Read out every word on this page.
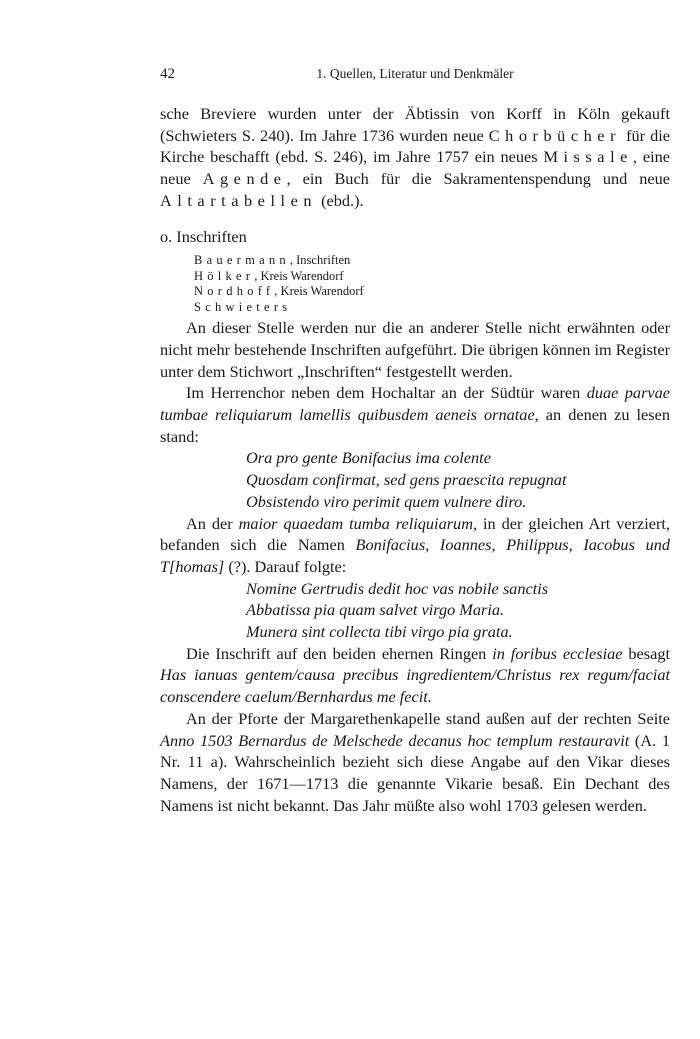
42	1. Quellen, Literatur und Denkmäler

sche Breviere wurden unter der Äbtissin von Korff in Köln gekauft (Schwieters S. 240). Im Jahre 1736 wurden neue Chorbücher für die Kirche beschafft (ebd. S. 246), im Jahre 1757 ein neues Missale, eine neue Agende, ein Buch für die Sakramentenspendung und neue Altartabellen (ebd.).

o. Inschriften

Bauermann, Inschriften
Hölker, Kreis Warendorf
Nordhoff, Kreis Warendorf
Schwieters

An dieser Stelle werden nur die an anderer Stelle nicht erwähnten oder nicht mehr bestehende Inschriften aufgeführt. Die übrigen können im Register unter dem Stichwort „Inschriften“ festgestellt werden.

Im Herrenchor neben dem Hochaltar an der Südtür waren duae parvae tumbae reliquiarum lamellis quibusdem aeneis ornatae, an denen zu lesen stand:

Ora pro gente Bonifacius ima colente
Quosdam confirmat, sed gens praescita repugnat
Obsistendo viro perimit quem vulnere diro.

An der maior quaedam tumba reliquiarum, in der gleichen Art verziert, befanden sich die Namen Bonifacius, Ioannes, Philippus, Iacobus und T[homas] (?). Darauf folgte:

Nomine Gertrudis dedit hoc vas nobile sanctis
Abbatissa pia quam salvet virgo Maria.
Munera sint collecta tibi virgo pia grata.

Die Inschrift auf den beiden ehernen Ringen in foribus ecclesiae besagt Has ianuas gentem/causa precibus ingredientem/Christus rex regum/faciat conscendere caelum/Bernhardus me fecit.

An der Pforte der Margarethenkapelle stand außen auf der rechten Seite Anno 1503 Bernardus de Melschede decanus hoc templum restauravit (A. 1 Nr. 11 a). Wahrscheinlich bezieht sich diese Angabe auf den Vikar dieses Namens, der 1671—1713 die genannte Vikarie besaß. Ein Dechant des Namens ist nicht bekannt. Das Jahr müßte also wohl 1703 gelesen werden.
